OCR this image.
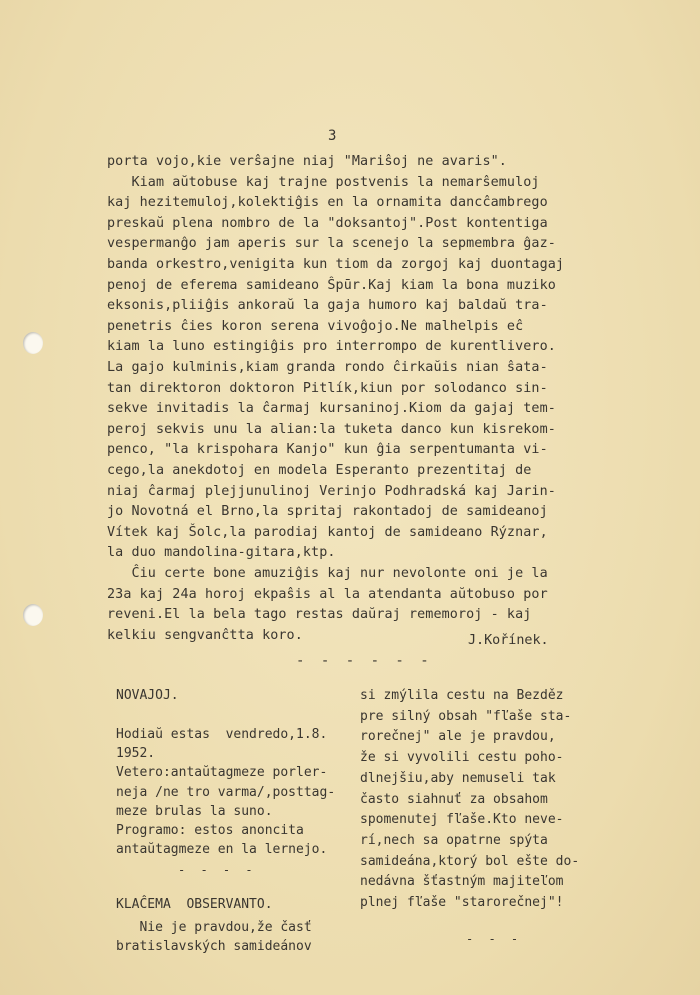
3
porta vojo,kie verŝajne niaj "Mariŝoj ne avaris".
Kiam aŭtobuse kaj trajne postvenis la nemarŝemuloj
kaj hezitemuloj,kolektiĝis en la ornamita dancĉambrego
preskaŭ plena nombro de la "doksantoj".Post kontentiga
vespermanĝo jam aperis sur la scenejo la sepmembra ĝaz-
banda orkestro,venigita kun tiom da zorgoj kaj duontagaj
penoj de eferema samideano Ŝpūr.Kaj kiam la bona muziko
eksonis,pliiĝis ankoraŭ la gaja humoro kaj baldaŭ tra-
penetris ĉies koron serena vivoĝojo.Ne malhelpis eĉ
kiam la luno estingiĝis pro interrompo de kurentlivero.
La gajo kulminis,kiam granda rondo ĉirkaŭis nian ŝata-
tan direktoron doktoron Pitlík,kiun por solodanco sin-
sekve invitadis la ĉarmaj kursaninoj.Kiom da gajaj tem-
peroj sekvis unu la alian:la tuketa danco kun kisrekom-
penco, "la krispohara Kanjo" kun ĝia serpentumanta vi-
cego,la anekdotoj en modela Esperanto prezentitaj de
niaj ĉarmaj plejjunulinoj Verinjo Podhradská kaj Jarin-
jo Novotná el Brno,la spritaj rakontadoj de samideanoj
Vítek kaj Šolc,la parodiaj kantoj de samideano Rýznar,
la duo mandolina-gitara,ktp.
Ĉiu certe bone amuziĝis kaj nur nevolonte oni je la
23a kaj 24a horoj ekpaŝis al la atendanta aŭtobuso por
reveni.El la bela tago restas daŭraj rememoroj - kaj
kelkiu sengvanĉtta koro.	J.Kořínek.
- - - - - -
NOVAJOJ.
Hodiaŭ estas  vendredo,1.8.
1952.
Vetero:antaŭtagmeze porler-
neja /ne tro varma/,posttag-
meze brulas la suno.
Programo: estos anoncita
antaŭtagmeze en la lernejo.
- - - -
KLAĈEMA  OBSERVANTO.
Nie je pravdou,že časť
bratislavských samideánov
si zmýlila cestu na Bezděz
pre silný obsah "fľaše sta-
rorečnej" ale je pravdou,
že si vyvolili cestu poho-
dlnejšiu,aby nemuseli tak
často siahnuť za obsahom
spomenutej fľaše.Kto neve-
rí,nech sa opatrne spýta
samideána,ktorý bol ešte do-
nedávna šťastným majiteľom
plnej fľaše "starorečnej"!
- - -
